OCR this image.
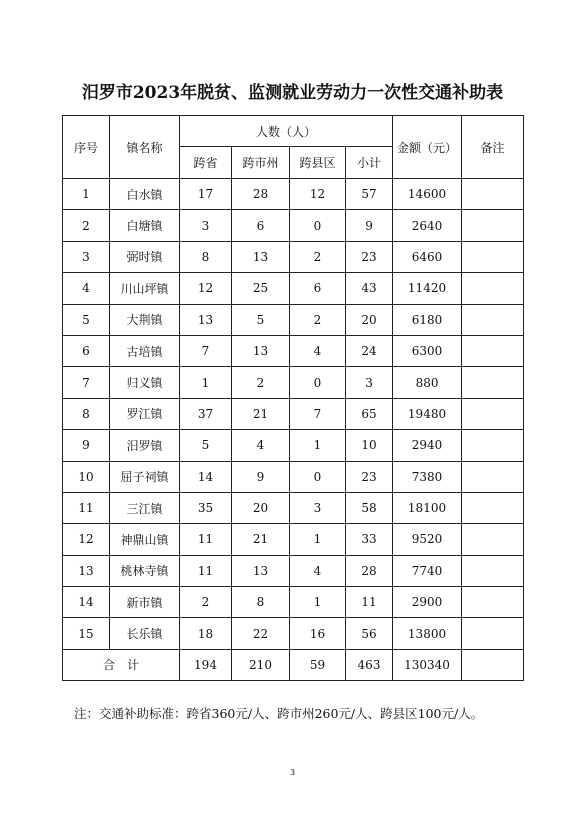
汨罗市2023年脱贫、监测就业劳动力一次性交通补助表
序号	镇名称	人数（人）				金额（元）	备注
		跨省	跨市州	跨县区	小计		
1	白水镇	17	28	12	57	14600	
2	白塘镇	3	6	0	9	2640	
3	弼时镇	8	13	2	23	6460	
4	川山坪镇	12	25	6	43	11420	
5	大荆镇	13	5	2	20	6180	
6	古培镇	7	13	4	24	6300	
7	归义镇	1	2	0	3	880	
8	罗江镇	37	21	7	65	19480	
9	汨罗镇	5	4	1	10	2940	
10	屈子祠镇	14	9	0	23	7380	
11	三江镇	35	20	3	58	18100	
12	神鼎山镇	11	21	1	33	9520	
13	桃林寺镇	11	13	4	28	7740	
14	新市镇	2	8	1	11	2900	
15	长乐镇	18	22	16	56	13800	
合　计		194	210	59	463	130340	
注：交通补助标准：跨省360元/人、跨市州260元/人、跨县区100元/人。
3
